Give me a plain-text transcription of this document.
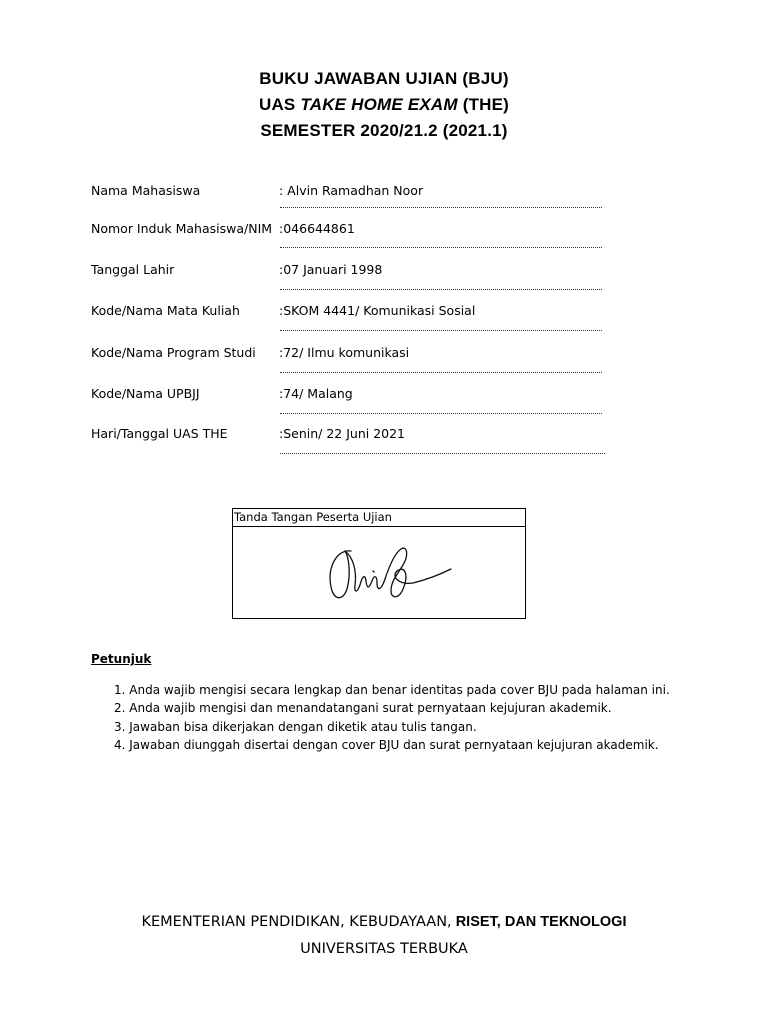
BUKU JAWABAN UJIAN (BJU)
UAS TAKE HOME EXAM (THE)
SEMESTER 2020/21.2 (2021.1)
Nama Mahasiswa	: Alvin Ramadhan Noor
Nomor Induk Mahasiswa/NIM :046644861
Tanggal Lahir	:07 Januari 1998
Kode/Nama Mata Kuliah	:SKOM 4441/ Komunikasi Sosial
Kode/Nama Program Studi :72/ Ilmu komunikasi
Kode/Nama UPBJJ	:74/ Malang
Hari/Tanggal UAS THE	:Senin/ 22 Juni 2021
Tanda Tangan Peserta Ujian
Petunjuk
1. Anda wajib mengisi secara lengkap dan benar identitas pada cover BJU pada halaman ini.
2. Anda wajib mengisi dan menandatangani surat pernyataan kejujuran akademik.
3. Jawaban bisa dikerjakan dengan diketik atau tulis tangan.
4. Jawaban diunggah disertai dengan cover BJU dan surat pernyataan kejujuran akademik.
KEMENTERIAN PENDIDIKAN, KEBUDAYAAN, RISET, DAN TEKNOLOGI
UNIVERSITAS TERBUKA
